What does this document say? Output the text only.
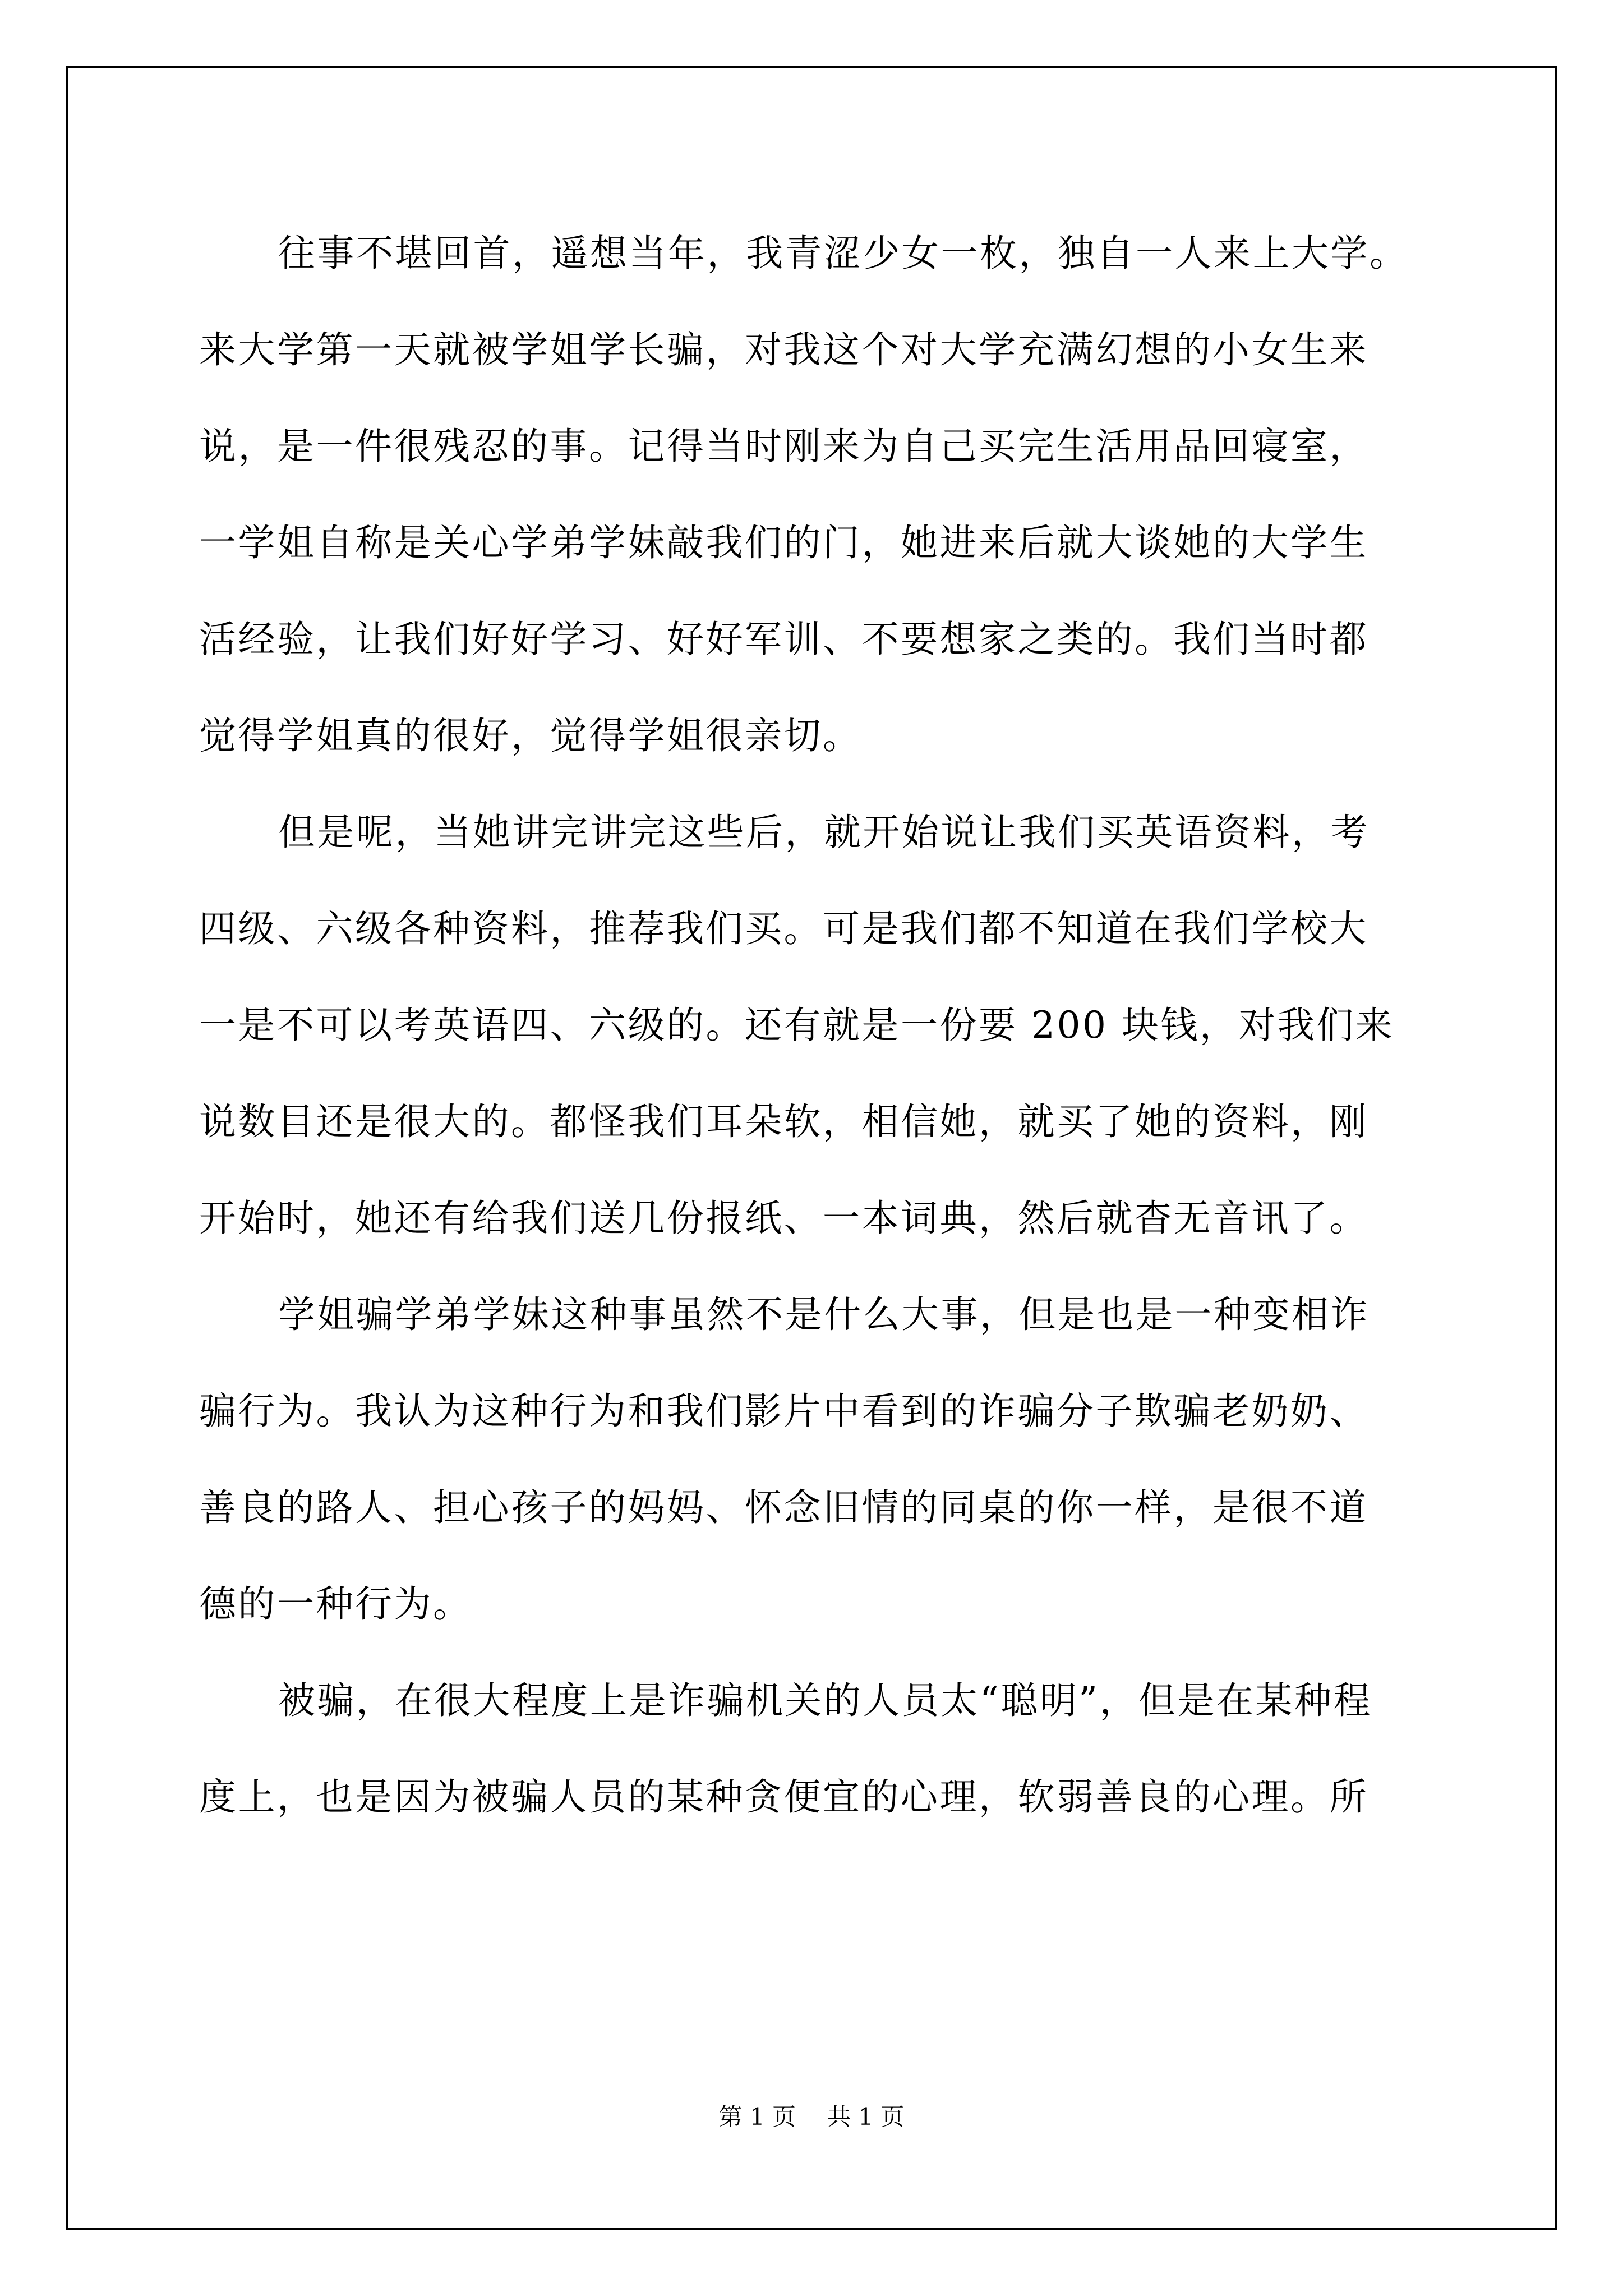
往事不堪回首，遥想当年，我青涩少女一枚，独自一人来上大学。
来大学第一天就被学姐学长骗，对我这个对大学充满幻想的小女生来
说，是一件很残忍的事。记得当时刚来为自己买完生活用品回寝室，
一学姐自称是关心学弟学妹敲我们的门，她进来后就大谈她的大学生
活经验，让我们好好学习、好好军训、不要想家之类的。我们当时都
觉得学姐真的很好，觉得学姐很亲切。
但是呢，当她讲完讲完这些后，就开始说让我们买英语资料，考
四级、六级各种资料，推荐我们买。可是我们都不知道在我们学校大
一是不可以考英语四、六级的。还有就是一份要 200 块钱，对我们来
说数目还是很大的。都怪我们耳朵软，相信她，就买了她的资料，刚
开始时，她还有给我们送几份报纸、一本词典，然后就杳无音讯了。
学姐骗学弟学妹这种事虽然不是什么大事，但是也是一种变相诈
骗行为。我认为这种行为和我们影片中看到的诈骗分子欺骗老奶奶、
善良的路人、担心孩子的妈妈、怀念旧情的同桌的你一样，是很不道
德的一种行为。
被骗，在很大程度上是诈骗机关的人员太“聪明”，但是在某种程
度上，也是因为被骗人员的某种贪便宜的心理，软弱善良的心理。所
第 1 页 共 1 页
